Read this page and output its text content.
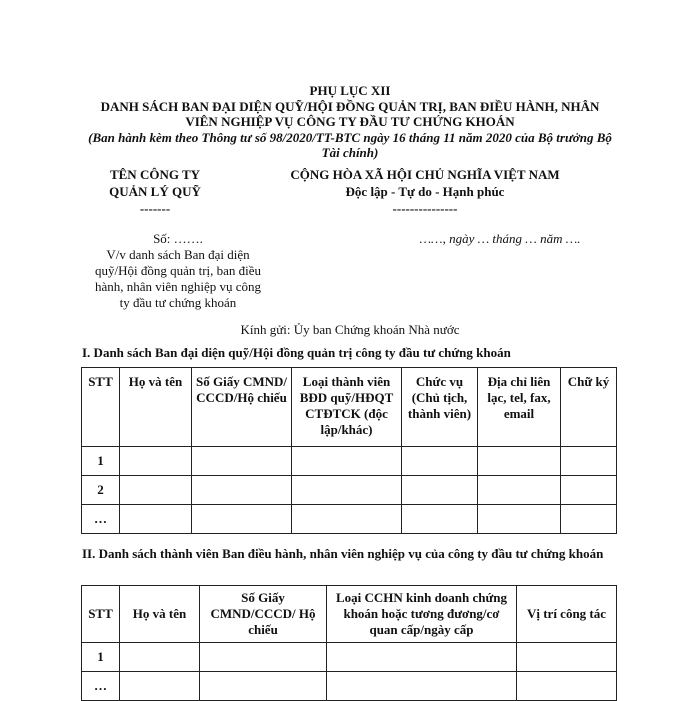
PHỤ LỤC XII
DANH SÁCH BAN ĐẠI DIỆN QUỸ/HỘI ĐỒNG QUẢN TRỊ, BAN ĐIỀU HÀNH, NHÂN
VIÊN NGHIỆP VỤ CÔNG TY ĐẦU TƯ CHỨNG KHOÁN
(Ban hành kèm theo Thông tư số 98/2020/TT-BTC ngày 16 tháng 11 năm 2020 của Bộ trưởng Bộ
Tài chính)
TÊN CÔNG TY
QUẢN LÝ QUỸ
-------
CỘNG HÒA XÃ HỘI CHỦ NGHĨA VIỆT NAM
Độc lập - Tự do - Hạnh phúc
---------------
Số: …….
V/v danh sách Ban đại diện
quỹ/Hội đồng quản trị, ban điều
hành, nhân viên nghiệp vụ công
ty đầu tư chứng khoán
……, ngày … tháng … năm ….
Kính gửi: Ủy ban Chứng khoán Nhà nước
I. Danh sách Ban đại diện quỹ/Hội đồng quản trị công ty đầu tư chứng khoán
STT	Họ và tên	Số Giấy CMND/ CCCD/Hộ chiếu	Loại thành viên BĐD quỹ/HĐQT CTĐTCK (độc lập/khác)	Chức vụ (Chủ tịch, thành viên)	Địa chỉ liên lạc, tel, fax, email	Chữ ký
1						
2						
…						
II. Danh sách thành viên Ban điều hành, nhân viên nghiệp vụ của công ty đầu tư chứng khoán
STT	Họ và tên	Số Giấy CMND/CCCD/ Hộ chiếu	Loại CCHN kinh doanh chứng khoán hoặc tương đương/cơ quan cấp/ngày cấp	Vị trí công tác
1				
…				
